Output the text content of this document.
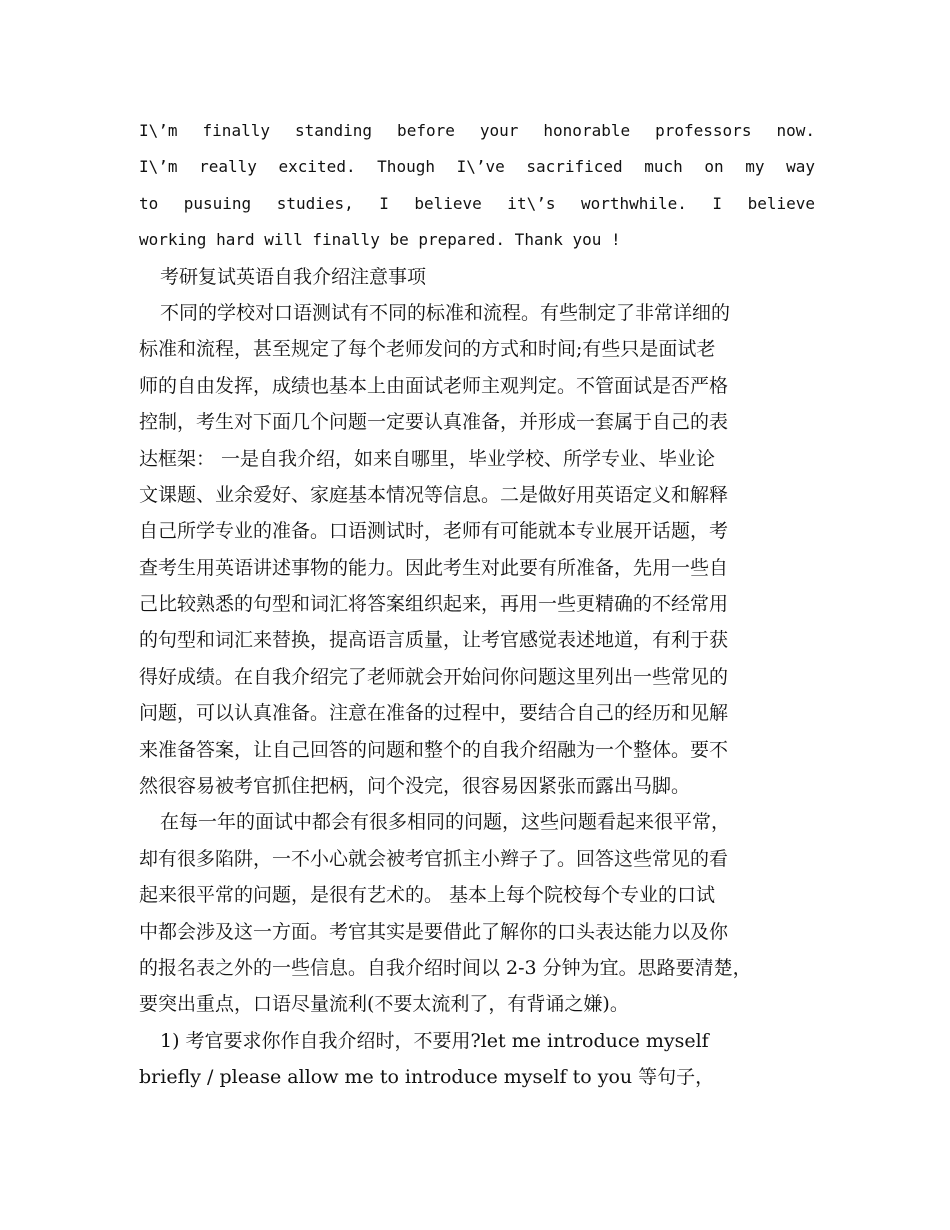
I\’m finally standing before your honorable professors now.
I\’m really excited. Though I\’ve sacrificed much on my way
to pusuing studies, I believe it\’s worthwhile. I believe
working hard will finally be prepared. Thank you !
考研复试英语自我介绍注意事项
不同的学校对口语测试有不同的标准和流程。有些制定了非常详细的
标准和流程，甚至规定了每个老师发问的方式和时间;有些只是面试老
师的自由发挥，成绩也基本上由面试老师主观判定。不管面试是否严格
控制，考生对下面几个问题一定要认真准备，并形成一套属于自己的表
达框架： 一是自我介绍，如来自哪里，毕业学校、所学专业、毕业论
文课题、业余爱好、家庭基本情况等信息。二是做好用英语定义和解释
自己所学专业的准备。口语测试时，老师有可能就本专业展开话题，考
查考生用英语讲述事物的能力。因此考生对此要有所准备，先用一些自
己比较熟悉的句型和词汇将答案组织起来，再用一些更精确的不经常用
的句型和词汇来替换，提高语言质量，让考官感觉表述地道，有利于获
得好成绩。在自我介绍完了老师就会开始问你问题这里列出一些常见的
问题，可以认真准备。注意在准备的过程中，要结合自己的经历和见解
来准备答案，让自己回答的问题和整个的自我介绍融为一个整体。要不
然很容易被考官抓住把柄，问个没完，很容易因紧张而露出马脚。
在每一年的面试中都会有很多相同的问题，这些问题看起来很平常，
却有很多陷阱，一不小心就会被考官抓主小辫子了。回答这些常见的看
起来很平常的问题，是很有艺术的。 基本上每个院校每个专业的口试
中都会涉及这一方面。考官其实是要借此了解你的口头表达能力以及你
的报名表之外的一些信息。自我介绍时间以 2-3 分钟为宜。思路要清楚，
要突出重点，口语尽量流利(不要太流利了，有背诵之嫌)。
1) 考官要求你作自我介绍时，不要用?let me introduce myself
briefly / please allow me to introduce myself to you 等句子，
